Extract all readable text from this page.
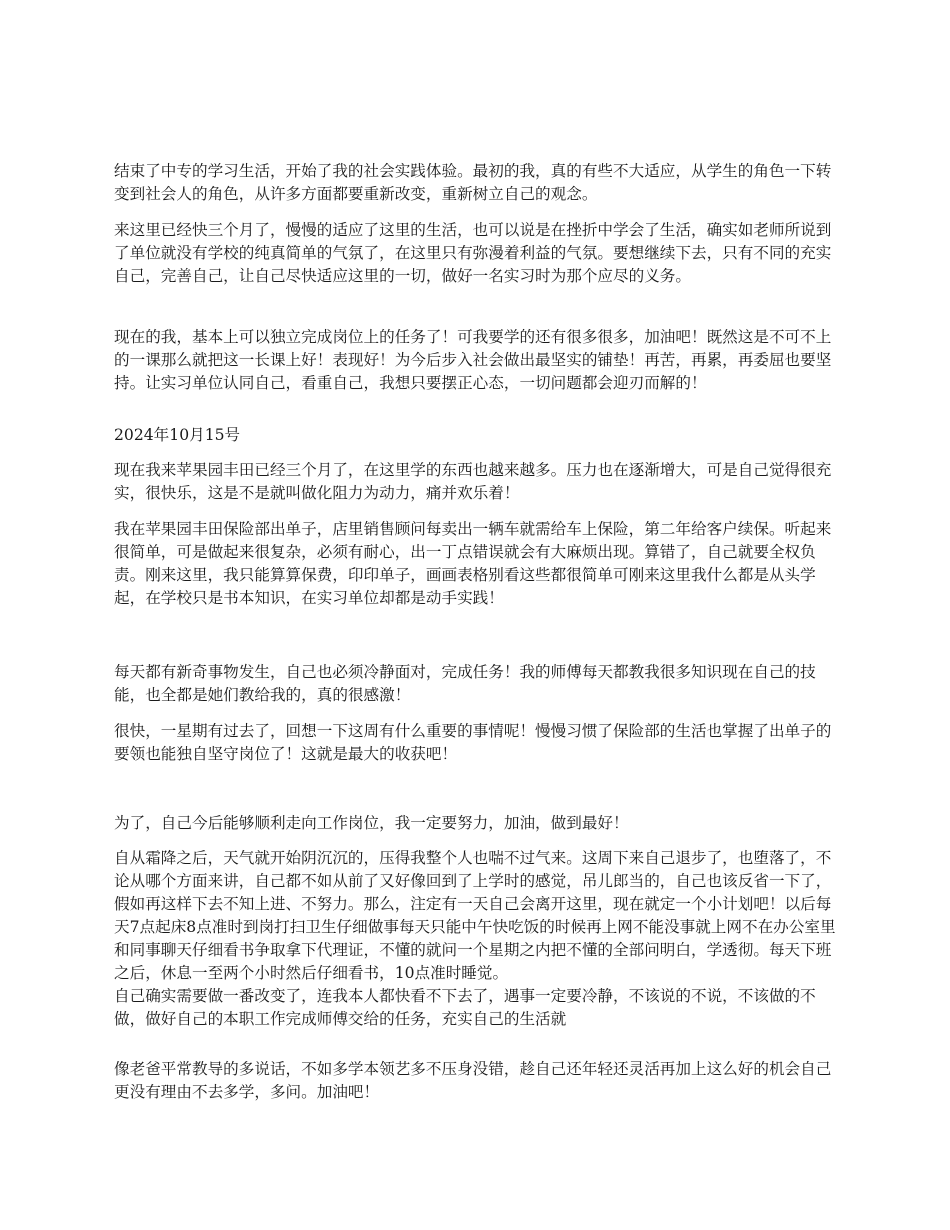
结束了中专的学习生活，开始了我的社会实践体验。最初的我，真的有些不大适应，从学生的角色一下转变到社会人的角色，从许多方面都要重新改变，重新树立自己的观念。

来这里已经快三个月了，慢慢的适应了这里的生活，也可以说是在挫折中学会了生活，确实如老师所说到了单位就没有学校的纯真简单的气氛了，在这里只有弥漫着利益的气氛。要想继续下去，只有不同的充实自己，完善自己，让自己尽快适应这里的一切，做好一名实习时为那个应尽的义务。

现在的我，基本上可以独立完成岗位上的任务了！可我要学的还有很多很多，加油吧！既然这是不可不上的一课那么就把这一长课上好！表现好！为今后步入社会做出最坚实的铺垫！再苦，再累，再委屈也要坚持。让实习单位认同自己，看重自己，我想只要摆正心态，一切问题都会迎刃而解的！

2024年10月15号

现在我来苹果园丰田已经三个月了，在这里学的东西也越来越多。压力也在逐渐增大，可是自己觉得很充实，很快乐，这是不是就叫做化阻力为动力，痛并欢乐着！

我在苹果园丰田保险部出单子，店里销售顾问每卖出一辆车就需给车上保险，第二年给客户续保。听起来很简单，可是做起来很复杂，必须有耐心，出一丁点错误就会有大麻烦出现。算错了，自己就要全权负责。刚来这里，我只能算算保费，印印单子，画画表格别看这些都很简单可刚来这里我什么都是从头学起，在学校只是书本知识，在实习单位却都是动手实践！

每天都有新奇事物发生，自己也必须冷静面对，完成任务！我的师傅每天都教我很多知识现在自己的技能，也全都是她们教给我的，真的很感激！

很快，一星期有过去了，回想一下这周有什么重要的事情呢！慢慢习惯了保险部的生活也掌握了出单子的要领也能独自坚守岗位了！这就是最大的收获吧！

为了，自己今后能够顺利走向工作岗位，我一定要努力，加油，做到最好！

自从霜降之后，天气就开始阴沉沉的，压得我整个人也喘不过气来。这周下来自己退步了，也堕落了，不论从哪个方面来讲，自己都不如从前了又好像回到了上学时的感觉，吊儿郎当的，自己也该反省一下了，假如再这样下去不知上进、不努力。那么，注定有一天自己会离开这里，现在就定一个小计划吧！以后每天7点起床8点准时到岗打扫卫生仔细做事每天只能中午快吃饭的时候再上网不能没事就上网不在办公室里和同事聊天仔细看书争取拿下代理证，不懂的就问一个星期之内把不懂的全部问明白，学透彻。每天下班之后，休息一至两个小时然后仔细看书，10点准时睡觉。

自己确实需要做一番改变了，连我本人都快看不下去了，遇事一定要冷静，不该说的不说，不该做的不做，做好自己的本职工作完成师傅交给的任务，充实自己的生活就

像老爸平常教导的多说话，不如多学本领艺多不压身没错，趁自己还年轻还灵活再加上这么好的机会自己更没有理由不去多学，多问。加油吧！
